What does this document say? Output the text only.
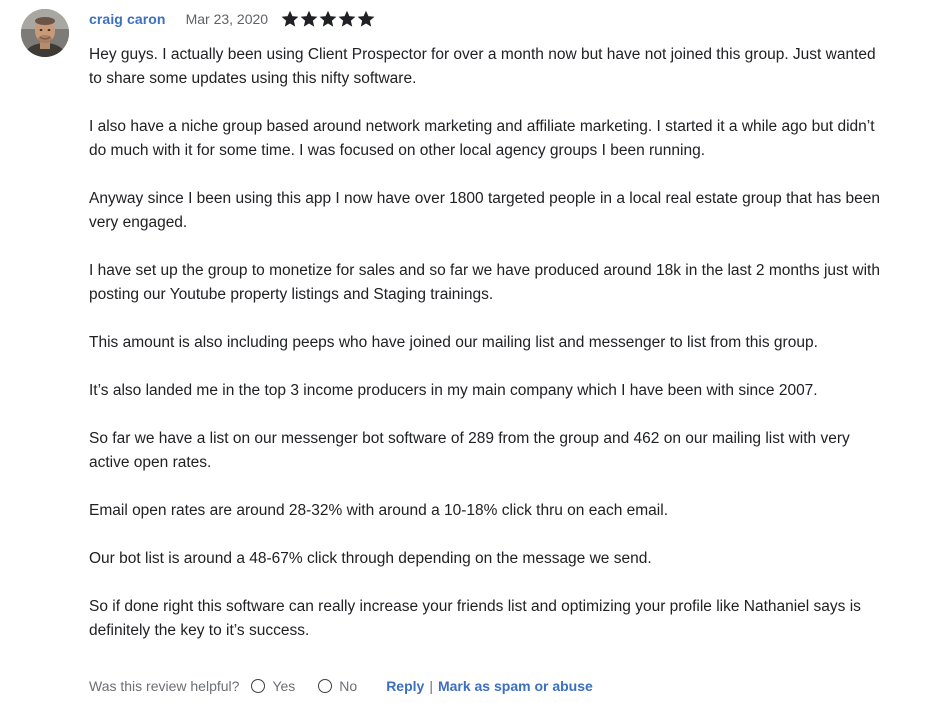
craig caron Mar 23, 2020

Hey guys. I actually been using Client Prospector for over a month now but have not joined this group. Just wanted to share some updates using this nifty software.

I also have a niche group based around network marketing and affiliate marketing. I started it a while ago but didn’t do much with it for some time. I was focused on other local agency groups I been running.

Anyway since I been using this app I now have over 1800 targeted people in a local real estate group that has been very engaged.

I have set up the group to monetize for sales and so far we have produced around 18k in the last 2 months just with posting our Youtube property listings and Staging trainings.

This amount is also including peeps who have joined our mailing list and messenger to list from this group.

It’s also landed me in the top 3 income producers in my main company which I have been with since 2007.

So far we have a list on our messenger bot software of 289 from the group and 462 on our mailing list with very active open rates.

Email open rates are around 28-32% with around a 10-18% click thru on each email.

Our bot list is around a 48-67% click through depending on the message we send.

So if done right this software can really increase your friends list and optimizing your profile like Nathaniel says is definitely the key to it’s success.

Was this review helpful? Yes	No Reply | Mark as spam or abuse
